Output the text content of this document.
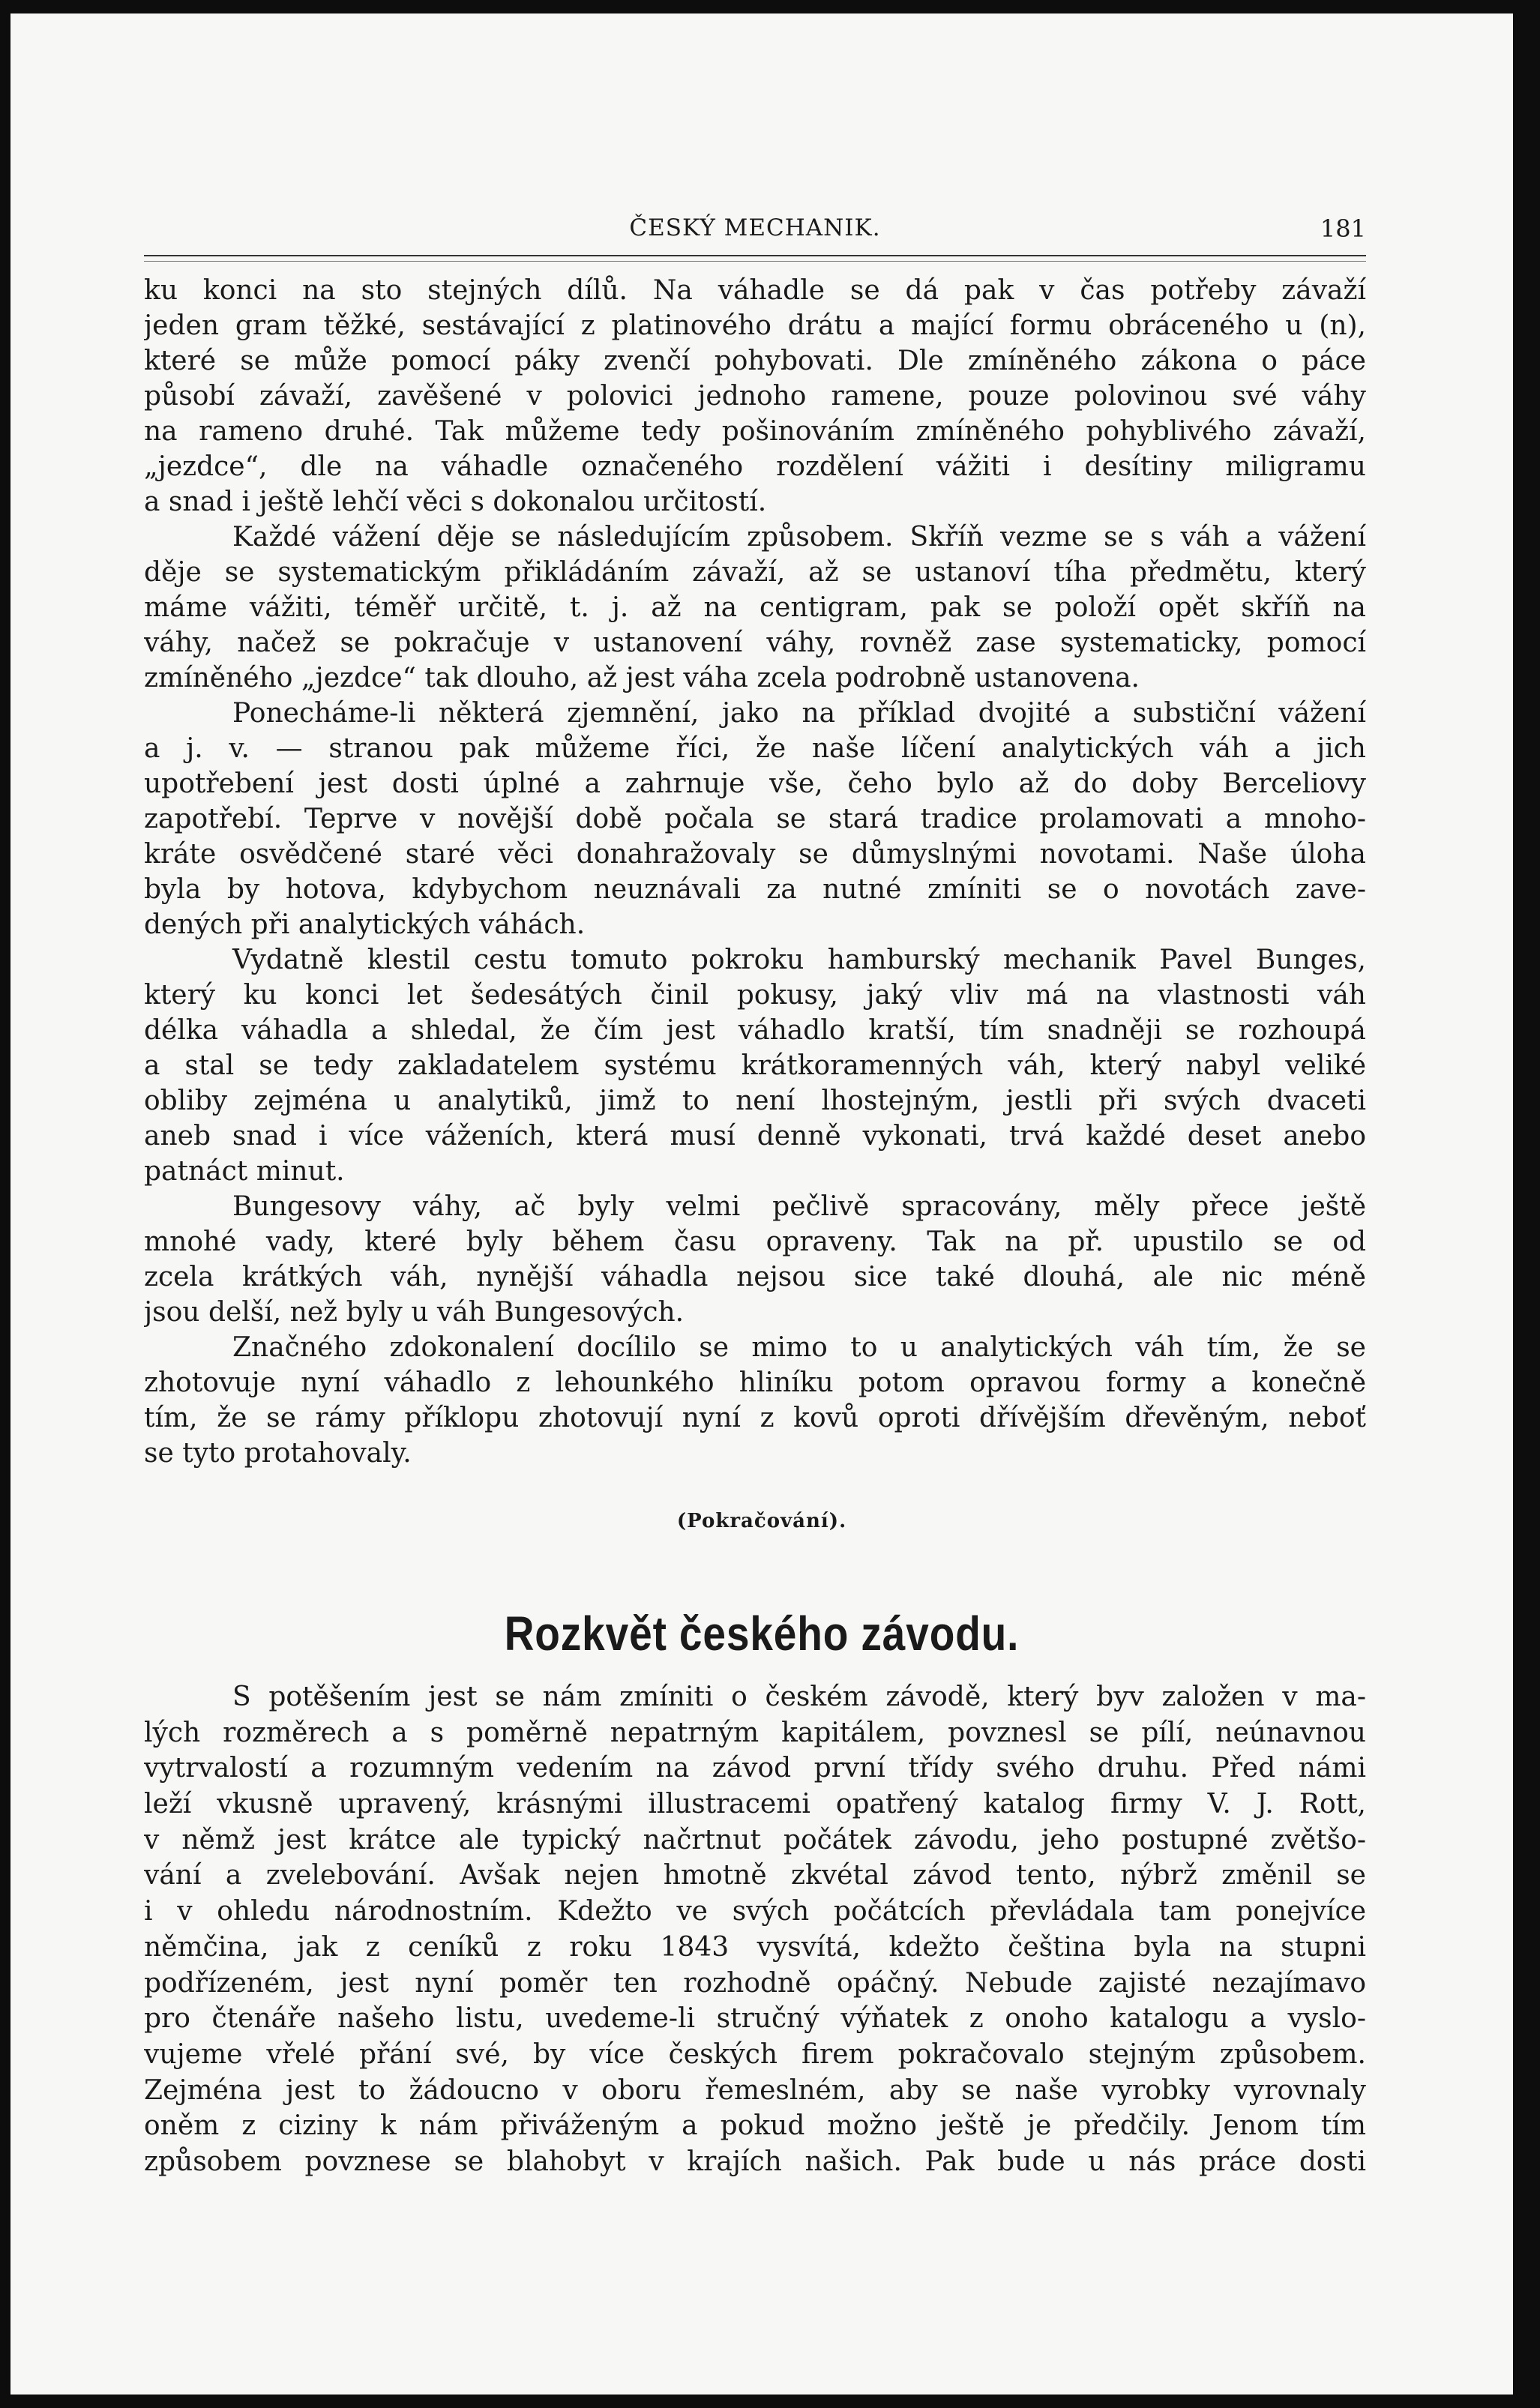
ČESKÝ MECHANIK.	181
ku konci na sto stejných dílů. Na váhadle se dá pak v čas potřeby závaží
jeden gram těžké, sestávající z platinového drátu a mající formu obráceného u (n),
které se může pomocí páky zvenčí pohybovati. Dle zmíněného zákona o páce
působí závaží, zavěšené v polovici jednoho ramene, pouze polovinou své váhy
na rameno druhé. Tak můžeme tedy pošinováním zmíněného pohyblivého závaží,
„jezdce“, dle na váhadle označeného rozdělení vážiti i desítiny miligramu
a snad i ještě lehčí věci s dokonalou určitostí.
Každé vážení děje se následujícím způsobem. Skříň vezme se s váh a vážení
děje se systematickým přikládáním závaží, až se ustanoví tíha předmětu, který
máme vážiti, téměř určitě, t. j. až na centigram, pak se položí opět skříň na
váhy, načež se pokračuje v ustanovení váhy, rovněž zase systematicky, pomocí
zmíněného „jezdce“ tak dlouho, až jest váha zcela podrobně ustanovena.
Ponecháme-li některá zjemnění, jako na příklad dvojité a substiční vážení
a j. v. — stranou pak můžeme říci, že naše líčení analytických váh a jich
upotřebení jest dosti úplné a zahrnuje vše, čeho bylo až do doby Berceliovy
zapotřebí. Teprve v novější době počala se stará tradice prolamovati a mnoho-
kráte osvědčené staré věci donahražovaly se důmyslnými novotami. Naše úloha
byla by hotova, kdybychom neuznávali za nutné zmíniti se o novotách zave-
dených při analytických váhách.
Vydatně klestil cestu tomuto pokroku hamburský mechanik Pavel Bunges,
který ku konci let šedesátých činil pokusy, jaký vliv má na vlastnosti váh
délka váhadla a shledal, že čím jest váhadlo kratší, tím snadněji se rozhoupá
a stal se tedy zakladatelem systému krátkoramenných váh, který nabyl veliké
obliby zejména u analytiků, jimž to není lhostejným, jestli při svých dvaceti
aneb snad i více váženích, která musí denně vykonati, trvá každé deset anebo
patnáct minut.
Bungesovy váhy, ač byly velmi pečlivě spracovány, měly přece ještě
mnohé vady, které byly během času opraveny. Tak na př. upustilo se od
zcela krátkých váh, nynější váhadla nejsou sice také dlouhá, ale nic méně
jsou delší, než byly u váh Bungesových.
Značného zdokonalení docílilo se mimo to u analytických váh tím, že se
zhotovuje nyní váhadlo z lehounkého hliníku potom opravou formy a konečně
tím, že se rámy příklopu zhotovují nyní z kovů oproti dřívějším dřevěným, neboť
se tyto protahovaly.
(Pokračování).
Rozkvět českého závodu.
S potěšením jest se nám zmíniti o českém závodě, který byv založen v ma-
lých rozměrech a s poměrně nepatrným kapitálem, povznesl se pílí, neúnavnou
vytrvalostí a rozumným vedením na závod první třídy svého druhu. Před námi
leží vkusně upravený, krásnými illustracemi opatřený katalog firmy V. J. Rott,
v němž jest krátce ale typický načrtnut počátek závodu, jeho postupné zvětšo-
vání a zvelebování. Avšak nejen hmotně zkvétal závod tento, nýbrž změnil se
i v ohledu národnostním. Kdežto ve svých počátcích převládala tam ponejvíce
němčina, jak z ceníků z roku 1843 vysvítá, kdežto čeština byla na stupni
podřízeném, jest nyní poměr ten rozhodně opáčný. Nebude zajisté nezajímavo
pro čtenáře našeho listu, uvedeme-li stručný výňatek z onoho katalogu a vyslo-
vujeme vřelé přání své, by více českých firem pokračovalo stejným způsobem.
Zejména jest to žádoucno v oboru řemeslném, aby se naše vyrobky vyrovnaly
oněm z ciziny k nám přiváženým a pokud možno ještě je předčily. Jenom tím
způsobem povznese se blahobyt v krajích našich. Pak bude u nás práce dosti
